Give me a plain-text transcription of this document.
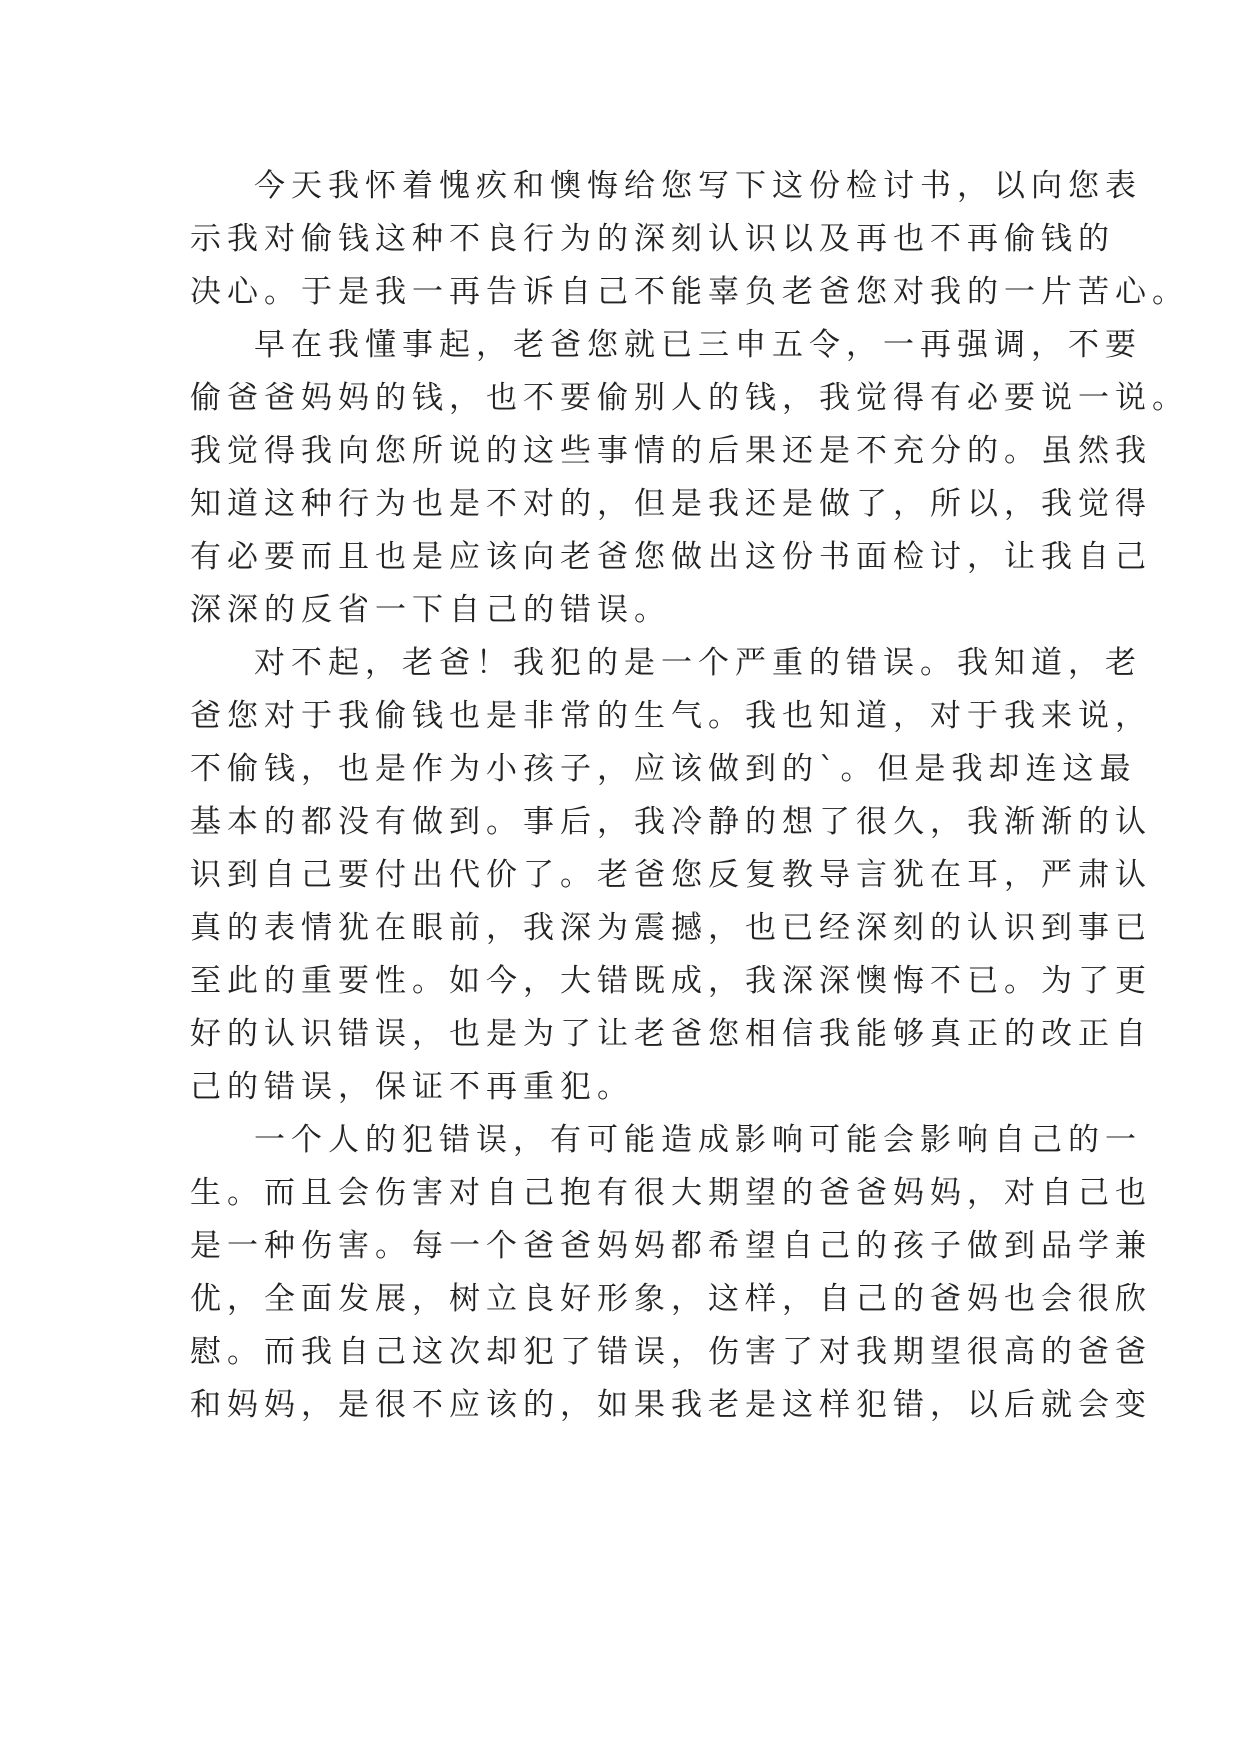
今天我怀着愧疚和懊悔给您写下这份检讨书，以向您表
示我对偷钱这种不良行为的深刻认识以及再也不再偷钱的
决心。于是我一再告诉自己不能辜负老爸您对我的一片苦心。

早在我懂事起，老爸您就已三申五令，一再强调，不要
偷爸爸妈妈的钱，也不要偷别人的钱，我觉得有必要说一说。
我觉得我向您所说的这些事情的后果还是不充分的。虽然我
知道这种行为也是不对的，但是我还是做了，所以，我觉得
有必要而且也是应该向老爸您做出这份书面检讨，让我自己
深深的反省一下自己的错误。

对不起，老爸！我犯的是一个严重的错误。我知道，老
爸您对于我偷钱也是非常的生气。我也知道，对于我来说，
不偷钱，也是作为小孩子，应该做到的`。但是我却连这最
基本的都没有做到。事后，我冷静的想了很久，我渐渐的认
识到自己要付出代价了。老爸您反复教导言犹在耳，严肃认
真的表情犹在眼前，我深为震撼，也已经深刻的认识到事已
至此的重要性。如今，大错既成，我深深懊悔不已。为了更
好的认识错误，也是为了让老爸您相信我能够真正的改正自
己的错误，保证不再重犯。

一个人的犯错误，有可能造成影响可能会影响自己的一
生。而且会伤害对自己抱有很大期望的爸爸妈妈，对自己也
是一种伤害。每一个爸爸妈妈都希望自己的孩子做到品学兼
优，全面发展，树立良好形象，这样，自己的爸妈也会很欣
慰。而我自己这次却犯了错误，伤害了对我期望很高的爸爸
和妈妈，是很不应该的，如果我老是这样犯错，以后就会变
